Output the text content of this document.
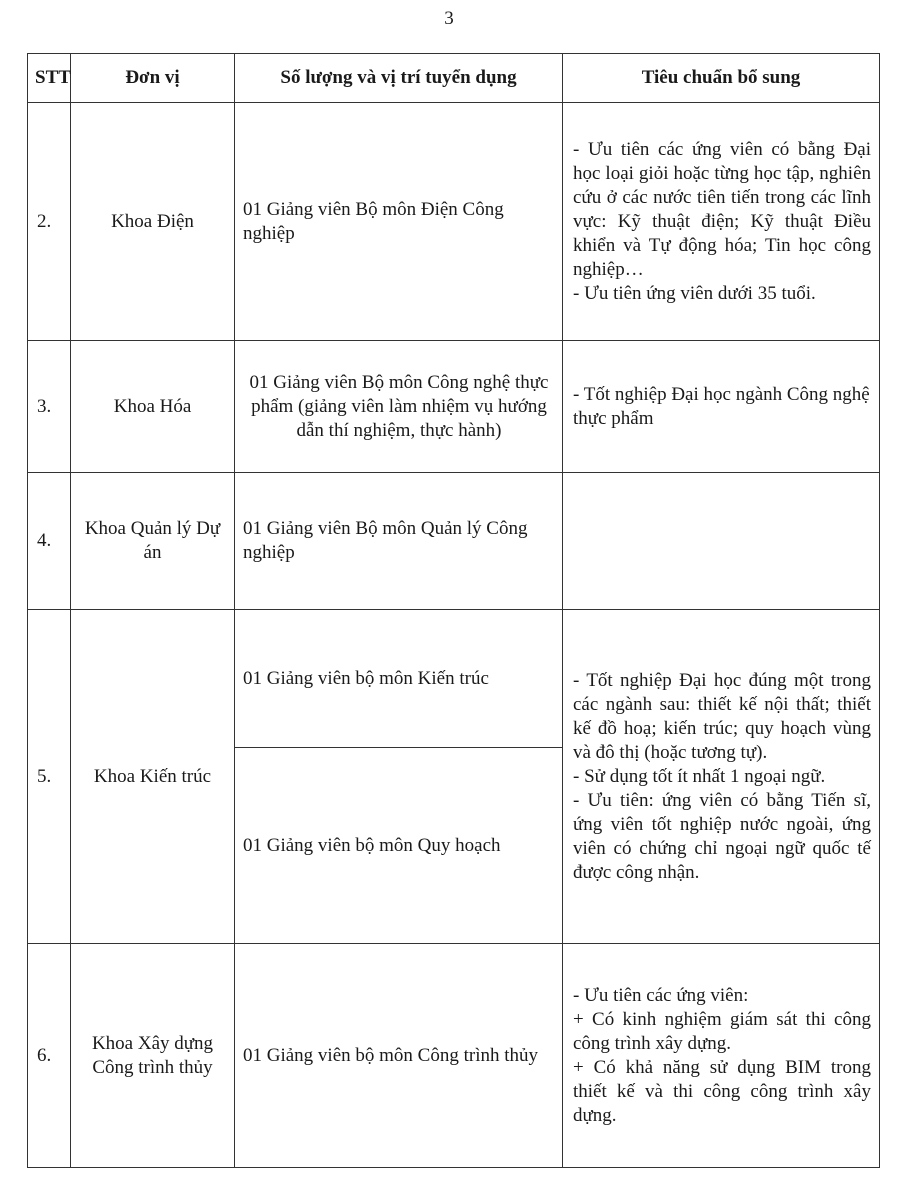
3
STT	Đơn vị	Số lượng và vị trí tuyển dụng	Tiêu chuẩn bổ sung
2.	Khoa Điện	01 Giảng viên Bộ môn Điện Công nghiệp	- Ưu tiên các ứng viên có bằng Đại học loại giỏi hoặc từng học tập, nghiên cứu ở các nước tiên tiến trong các lĩnh vực: Kỹ thuật điện; Kỹ thuật Điều khiển và Tự động hóa; Tin học công nghiệp…
- Ưu tiên ứng viên dưới 35 tuổi.

3.	Khoa Hóa	01 Giảng viên Bộ môn Công nghệ thực phẩm (giảng viên làm nhiệm vụ hướng dẫn thí nghiệm, thực hành)	- Tốt nghiệp Đại học ngành Công nghệ thực phẩm

4.	Khoa Quản lý Dự án	01 Giảng viên Bộ môn Quản lý Công nghiệp	
5.	Khoa Kiến trúc	01 Giảng viên bộ môn Kiến trúc	- Tốt nghiệp Đại học đúng một trong các ngành sau: thiết kế nội thất; thiết kế đồ hoạ; kiến trúc; quy hoạch vùng và đô thị (hoặc tương tự).
- Sử dụng tốt ít nhất 1 ngoại ngữ.
- Ưu tiên: ứng viên có bằng Tiến sĩ, ứng viên tốt nghiệp nước ngoài, ứng viên có chứng chỉ ngoại ngữ quốc tế được công nhận.

		01 Giảng viên bộ môn Quy hoạch	
6.	Khoa Xây dựng Công trình thủy	01 Giảng viên bộ môn Công trình thủy	- Ưu tiên các ứng viên:
+ Có kinh nghiệm giám sát thi công công trình xây dựng.
+ Có khả năng sử dụng BIM trong thiết kế và thi công công trình xây dựng.
